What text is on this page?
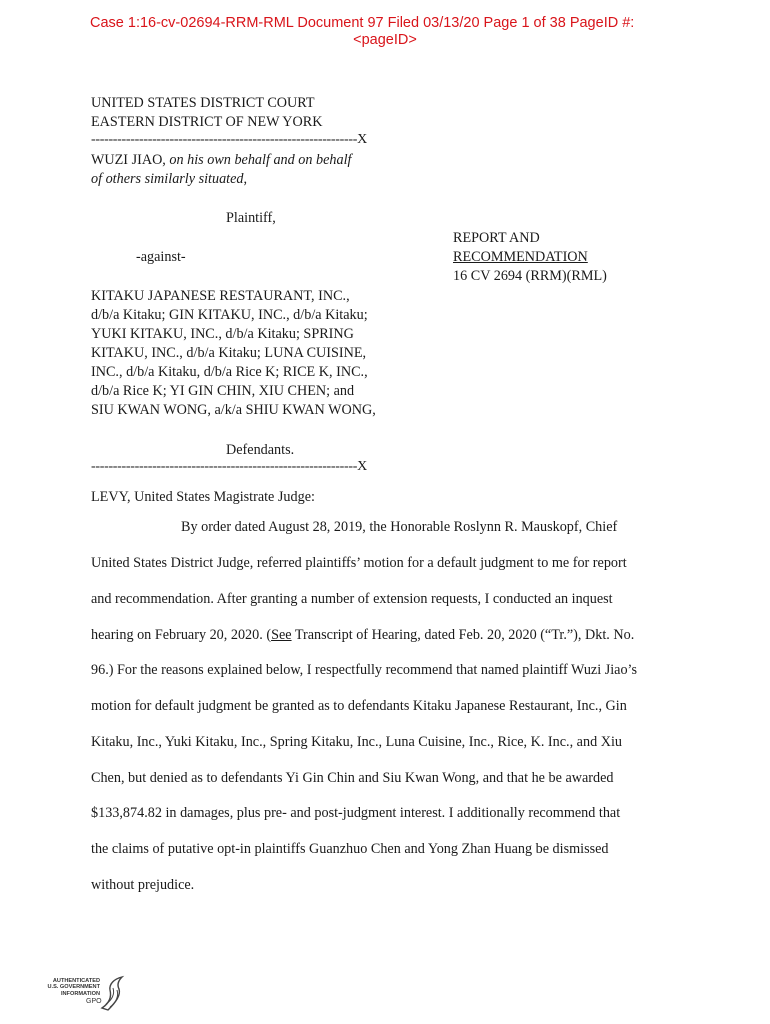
Case 1:16-cv-02694-RRM-RML Document 97 Filed 03/13/20 Page 1 of 38 PageID #:
<pageID>
UNITED STATES DISTRICT COURT
EASTERN DISTRICT OF NEW YORK
-------------------------------------------------------------X
WUZI JIAO, on his own behalf and on behalf
of others similarly situated,
Plaintiff,
REPORT AND
RECOMMENDATION
16 CV 2694 (RRM)(RML)
-against-
KITAKU JAPANESE RESTAURANT, INC.,
d/b/a Kitaku; GIN KITAKU, INC., d/b/a Kitaku;
YUKI KITAKU, INC., d/b/a Kitaku; SPRING
KITAKU, INC., d/b/a Kitaku; LUNA CUISINE,
INC., d/b/a Kitaku, d/b/a Rice K; RICE K, INC.,
d/b/a Rice K; YI GIN CHIN, XIU CHEN; and
SIU KWAN WONG, a/k/a SHIU KWAN WONG,
Defendants.
-------------------------------------------------------------X
LEVY, United States Magistrate Judge:
By order dated August 28, 2019, the Honorable Roslynn R. Mauskopf, Chief
United States District Judge, referred plaintiffs’ motion for a default judgment to me for report
and recommendation. After granting a number of extension requests, I conducted an inquest
hearing on February 20, 2020. (See Transcript of Hearing, dated Feb. 20, 2020 (“Tr.”), Dkt. No.
96.) For the reasons explained below, I respectfully recommend that named plaintiff Wuzi Jiao’s
motion for default judgment be granted as to defendants Kitaku Japanese Restaurant, Inc., Gin
Kitaku, Inc., Yuki Kitaku, Inc., Spring Kitaku, Inc., Luna Cuisine, Inc., Rice, K. Inc., and Xiu
Chen, but denied as to defendants Yi Gin Chin and Siu Kwan Wong, and that he be awarded
$133,874.82 in damages, plus pre- and post-judgment interest. I additionally recommend that
the claims of putative opt-in plaintiffs Guanzhuo Chen and Yong Zhan Huang be dismissed
without prejudice.
AUTHENTICATED
U.S. GOVERNMENT
INFORMATION
GPO
